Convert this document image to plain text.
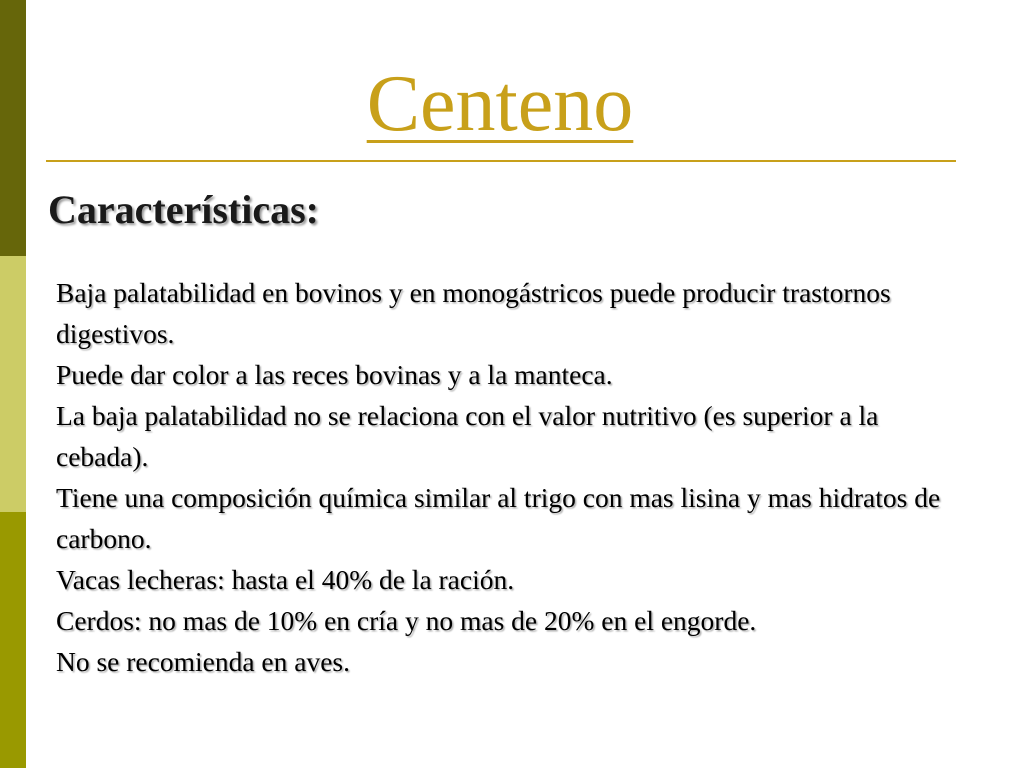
Centeno
Características:
Baja palatabilidad en bovinos y en monogástricos puede producir trastornos digestivos.
Puede dar color a las reces bovinas y a la manteca.
La baja palatabilidad no se relaciona con el valor nutritivo (es superior a la cebada).
Tiene una composición química similar al trigo con mas lisina y mas hidratos de carbono.
Vacas lecheras: hasta el 40% de la ración.
Cerdos: no mas de 10% en cría y no mas de 20% en el engorde.
No se recomienda en aves.
